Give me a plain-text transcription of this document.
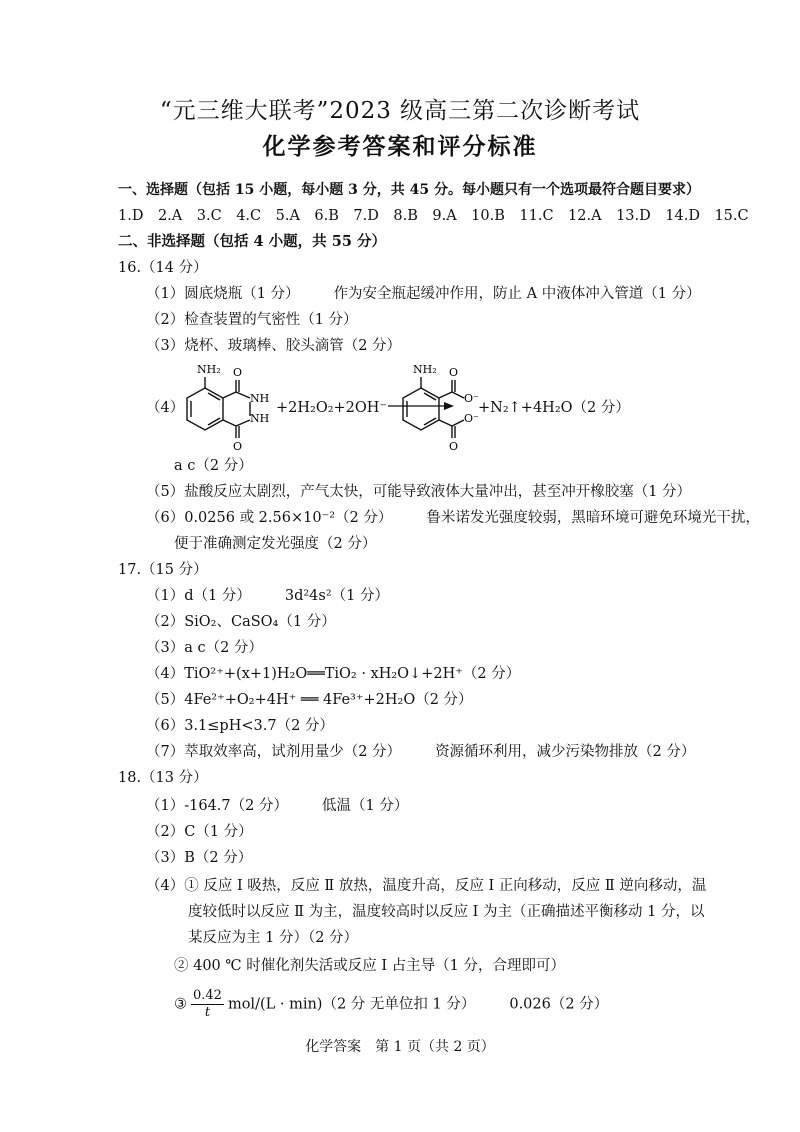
“元三维大联考”2023 级高三第二次诊断考试
化学参考答案和评分标准
一、选择题（包括 15 小题，每小题 3 分，共 45 分。每小题只有一个选项最符合题目要求）
1.D　2.A　3.C　4.C　5.A　6.B　7.D　8.B　9.A　10.B　11.C　12.A　13.D　14.D　15.C
二、非选择题（包括 4 小题，共 55 分）
16.（14 分）
（1）圆底烧瓶（1 分） 作为安全瓶起缓冲作用，防止 A 中液体冲入管道（1 分）
（2）检查装置的气密性（1 分）
（3）烧杯、玻璃棒、胶头滴管（2 分）
（4）
NH₂ O
NH
NH
O
+2H₂O₂+2OH⁻
NH₂ O
O⁻
O⁻
O
+N₂↑+4H₂O（2 分）
a c（2 分）
（5）盐酸反应太剧烈，产气太快，可能导致液体大量冲出，甚至冲开橡胶塞（1 分）
（6）0.0256 或 2.56×10⁻²（2 分） 鲁米诺发光强度较弱，黑暗环境可避免环境光干扰，
便于准确测定发光强度（2 分）
17.（15 分）
（1）d（1 分） 3d²4s²（1 分）
（2）SiO₂、CaSO₄（1 分）
（3）a c（2 分）
（4）TiO²⁺+(x+1)H₂O══TiO₂ · xH₂O↓+2H⁺（2 分）
（5）4Fe²⁺+O₂+4H⁺ ══ 4Fe³⁺+2H₂O（2 分）
（6）3.1≤pH<3.7（2 分）
（7）萃取效率高，试剂用量少（2 分） 资源循环利用，减少污染物排放（2 分）
18.（13 分）
（1）-164.7（2 分） 低温（1 分）
（2）C（1 分）
（3）B（2 分）
（4）① 反应 Ⅰ 吸热，反应 Ⅱ 放热，温度升高，反应 Ⅰ 正向移动，反应 Ⅱ 逆向移动，温
度较低时以反应 Ⅱ 为主，温度较高时以反应 Ⅰ 为主（正确描述平衡移动 1 分，以
某反应为主 1 分）（2 分）
② 400 ℃ 时催化剂失活或反应 Ⅰ 占主导（1 分，合理即可）
③ $\frac{0.42}{t} mol/(L \cdot \min)(2$ 分 无单位扣 1 分） 0.026（2 分）
化学答案　第 1 页（共 2 页）
